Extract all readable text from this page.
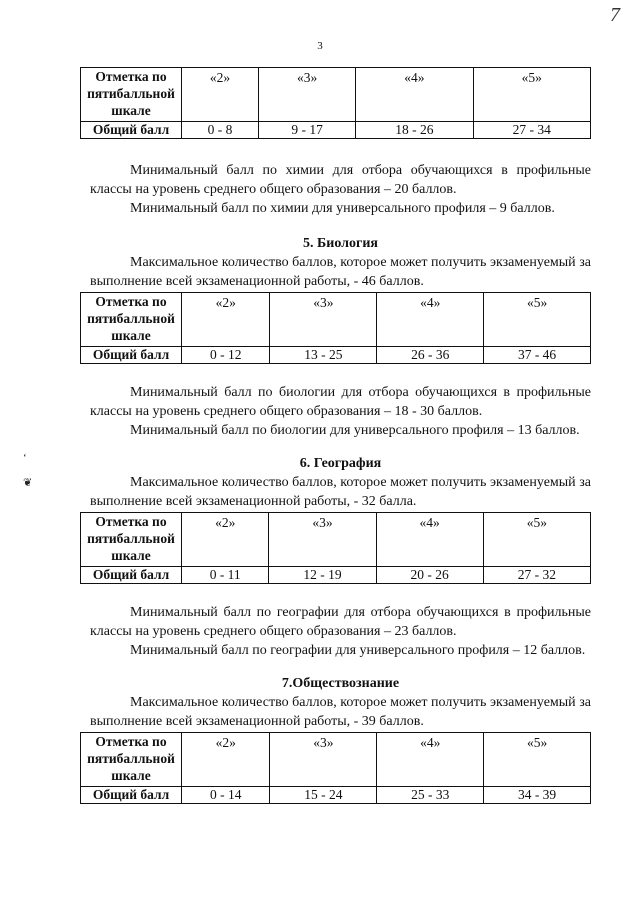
3
7
‘
❦
Отметка по пятибалльной шкале	«2»	«3»	«4»	«5»
Общий балл	0 - 8	9 - 17	18 - 26	27 - 34

Минимальный балл по химии для отбора обучающихся в профильные классы на уровень среднего общего образования – 20 баллов.

Минимальный балл по химии для универсального профиля – 9 баллов.

5. Биология

Максимальное количество баллов, которое может получить экзаменуемый за выполнение всей экзаменационной работы, - 46 баллов.

Отметка по пятибалльной шкале	«2»	«3»	«4»	«5»
Общий балл	0 - 12	13 - 25	26 - 36	37 - 46

Минимальный балл по биологии для отбора обучающихся в профильные классы на уровень среднего общего образования – 18 - 30 баллов.

Минимальный балл по биологии для универсального профиля – 13 баллов.

6. География

Максимальное количество баллов, которое может получить экзаменуемый за выполнение всей экзаменационной работы, - 32 балла.

Отметка по пятибалльной шкале	«2»	«3»	«4»	«5»
Общий балл	0 - 11	12 - 19	20 - 26	27 - 32

Минимальный балл по географии для отбора обучающихся в профильные классы на уровень среднего общего образования – 23 баллов.

Минимальный балл по географии для универсального профиля – 12 баллов.

7.Обществознание

Максимальное количество баллов, которое может получить экзаменуемый за выполнение всей экзаменационной работы, - 39 баллов.

Отметка по пятибалльной шкале	«2»	«3»	«4»	«5»
Общий балл	0 - 14	15 - 24	25 - 33	34 - 39
